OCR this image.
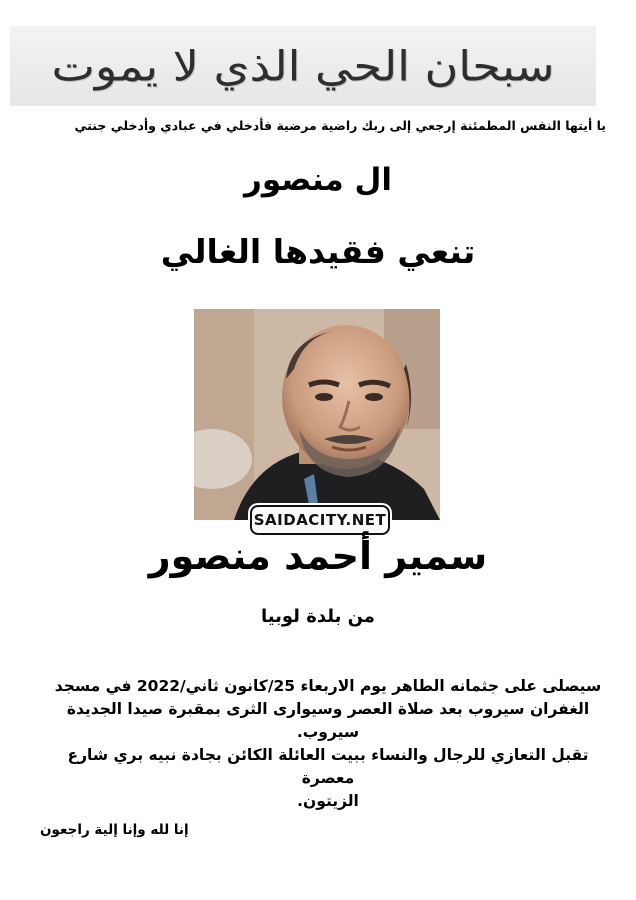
سبحان الحي الذي لا يموت
يا أيتها النفس المطمئنة إرجعي إلى ربك راضية مرضية فأدخلي في عبادي وأدخلي جنتي
ال منصور
تنعي فقيدها الغالي
SAIDACITY.NET
سمير أحمد منصور
من بلدة لوبيا
سيصلى على جثمانه الطاهر يوم الاربعاء 25/كانون ثاني/2022 في مسجد
الغفران سيروب بعد صلاة العصر وسيوارى الثرى بمقبرة صيدا الجديدة سيروب.
تقبل التعازي للرجال والنساء ببيت العائلة الكائن بجادة نبيه بري شارع معصرة
الزيتون.
إنا لله وإنا إلية راجعون
